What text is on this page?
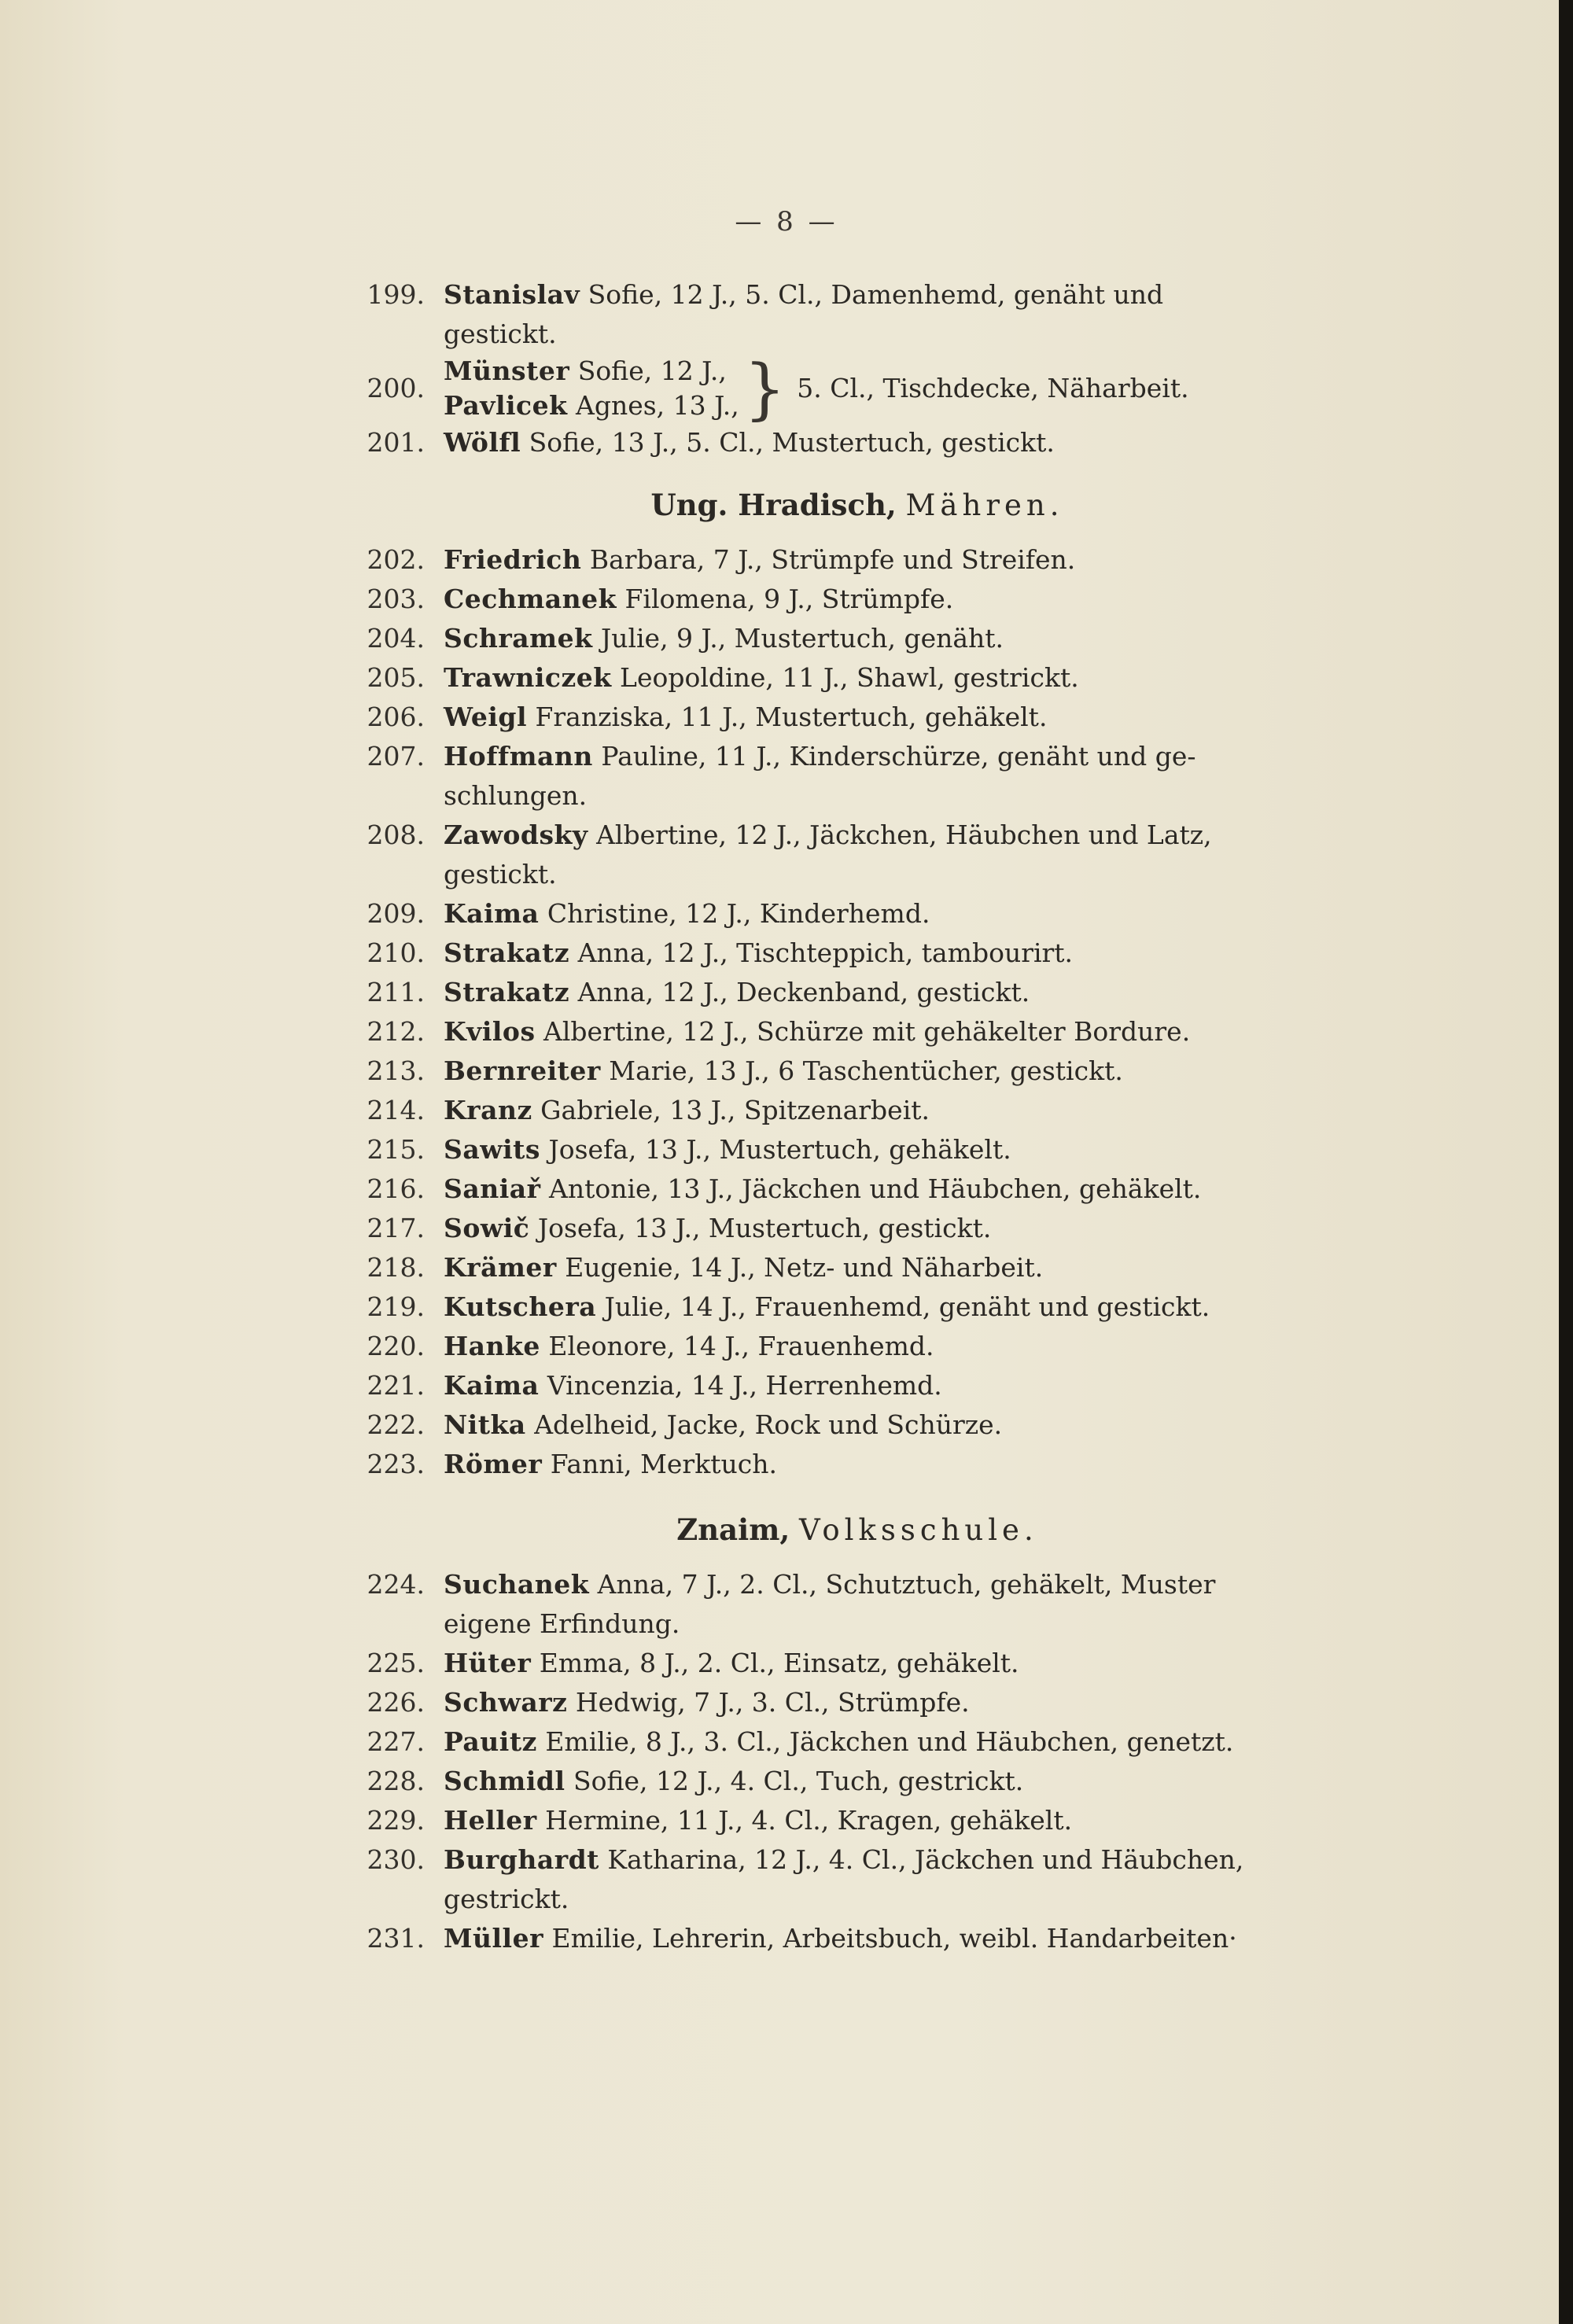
— 8 —
199. Stanislav Sofie, 12 J., 5. Cl., Damenhemd, genäht und
gestickt.
200.
Münster Sofie, 12 J.,
Pavlicek Agnes, 13 J., } 5. Cl., Tischdecke, Näharbeit.
201. Wölfl Sofie, 13 J., 5. Cl., Mustertuch, gestickt.
Ung. Hradisch, Mähren.
202. Friedrich Barbara, 7 J., Strümpfe und Streifen.
203. Cechmanek Filomena, 9 J., Strümpfe.
204. Schramek Julie, 9 J., Mustertuch, genäht.
205. Trawniczek Leopoldine, 11 J., Shawl, gestrickt.
206. Weigl Franziska, 11 J., Mustertuch, gehäkelt.
207. Hoffmann Pauline, 11 J., Kinderschürze, genäht und ge-
schlungen.
208. Zawodsky Albertine, 12 J., Jäckchen, Häubchen und Latz,
gestickt.
209. Kaima Christine, 12 J., Kinderhemd.
210. Strakatz Anna, 12 J., Tischteppich, tambourirt.
211. Strakatz Anna, 12 J., Deckenband, gestickt.
212. Kvilos Albertine, 12 J., Schürze mit gehäkelter Bordure.
213. Bernreiter Marie, 13 J., 6 Taschentücher, gestickt.
214. Kranz Gabriele, 13 J., Spitzenarbeit.
215. Sawits Josefa, 13 J., Mustertuch, gehäkelt.
216. Saniař Antonie, 13 J., Jäckchen und Häubchen, gehäkelt.
217. Sowič Josefa, 13 J., Mustertuch, gestickt.
218. Krämer Eugenie, 14 J., Netz- und Näharbeit.
219. Kutschera Julie, 14 J., Frauenhemd, genäht und gestickt.
220. Hanke Eleonore, 14 J., Frauenhemd.
221. Kaima Vincenzia, 14 J., Herrenhemd.
222. Nitka Adelheid, Jacke, Rock und Schürze.
223. Römer Fanni, Merktuch.
Znaim, Volksschule.
224. Suchanek Anna, 7 J., 2. Cl., Schutztuch, gehäkelt, Muster
eigene Erfindung.
225. Hüter Emma, 8 J., 2. Cl., Einsatz, gehäkelt.
226. Schwarz Hedwig, 7 J., 3. Cl., Strümpfe.
227. Pauitz Emilie, 8 J., 3. Cl., Jäckchen und Häubchen, genetzt.
228. Schmidl Sofie, 12 J., 4. Cl., Tuch, gestrickt.
229. Heller Hermine, 11 J., 4. Cl., Kragen, gehäkelt.
230. Burghardt Katharina, 12 J., 4. Cl., Jäckchen und Häubchen,
gestrickt.
231. Müller Emilie, Lehrerin, Arbeitsbuch, weibl. Handarbeiten·
